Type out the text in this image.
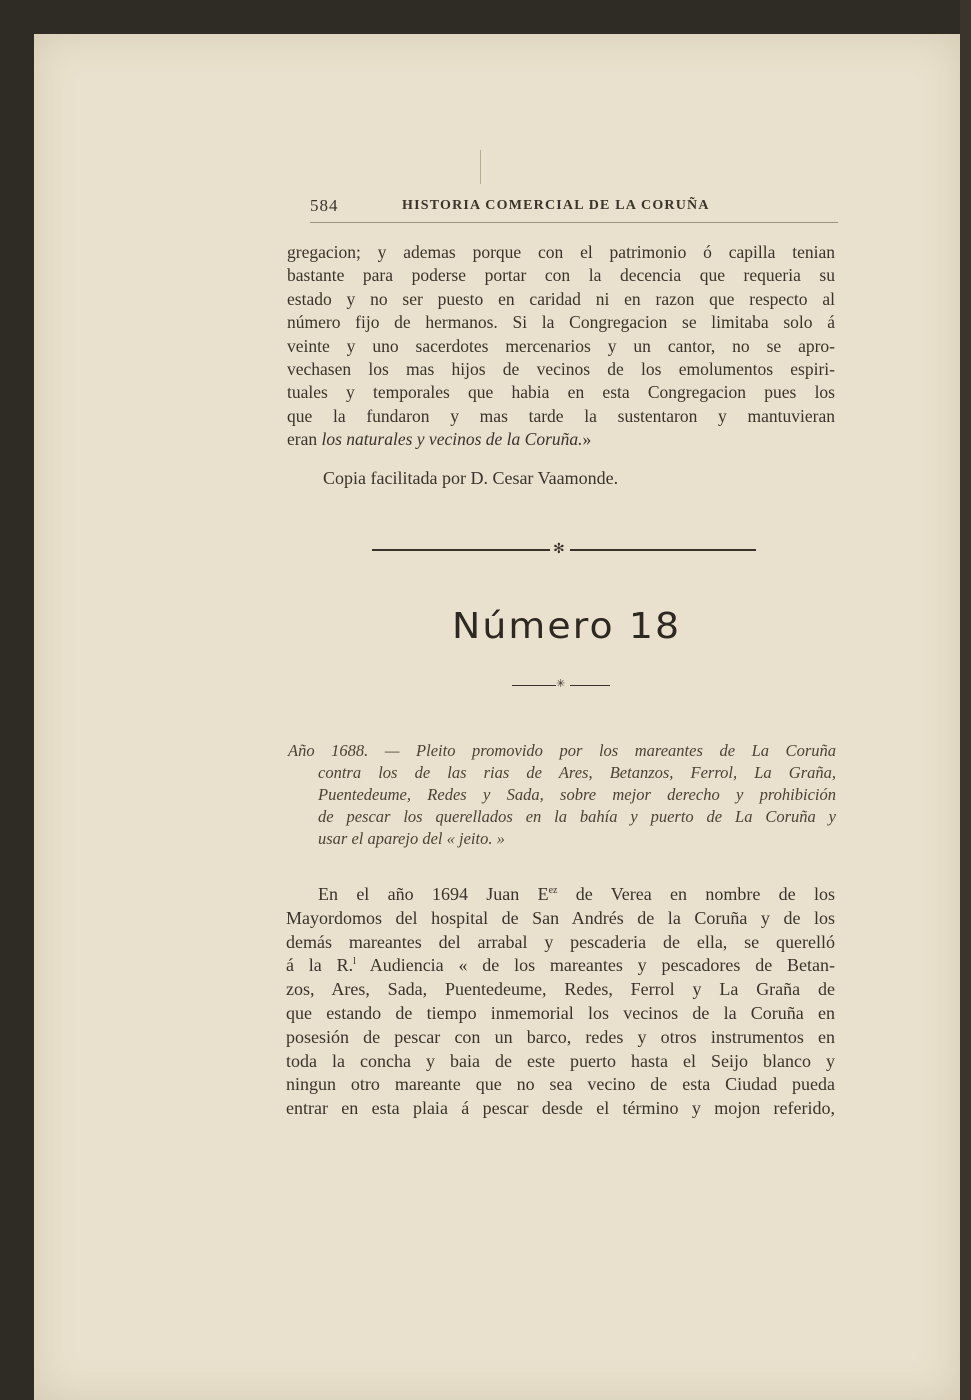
584	HISTORIA COMERCIAL DE LA CORUÑA
gregacion; y ademas porque con el patrimonio ó capilla tenian
bastante para poderse portar con la decencia que requeria su
estado y no ser puesto en caridad ni en razon que respecto al
número fijo de hermanos. Si la Congregacion se limitaba solo á
veinte y uno sacerdotes mercenarios y un cantor, no se apro-
vechasen los mas hijos de vecinos de los emolumentos espiri-
tuales y temporales que habia en esta Congregacion pues los
que la fundaron y mas tarde la sustentaron y mantuvieran
eran los naturales y vecinos de la Coruña.»
Copia facilitada por D. Cesar Vaamonde.
✻
Número 18
✳
Año 1688. — Pleito promovido por los mareantes de La Coruña
contra los de las rias de Ares, Betanzos, Ferrol, La Graña,
Puentedeume, Redes y Sada, sobre mejor derecho y prohibición
de pescar los querellados en la bahía y puerto de La Coruña y
usar el aparejo del « jeito. »
En el año 1694 Juan $E^{ez}$ de Verea en nombre de los
Mayordomos del hospital de San Andrés de la Coruña y de los
demás mareantes del arrabal y pescaderia de ella, se querelló
á la R.$^l$ Audiencia « de los mareantes y pescadores de Betan-
zos, Ares, Sada, Puentedeume, Redes, Ferrol y La Graña de
que estando de tiempo inmemorial los vecinos de la Coruña en
posesión de pescar con un barco, redes y otros instrumentos en
toda la concha y baia de este puerto hasta el Seijo blanco y
ningun otro mareante que no sea vecino de esta Ciudad pueda
entrar en esta plaia á pescar desde el término y mojon referido,
